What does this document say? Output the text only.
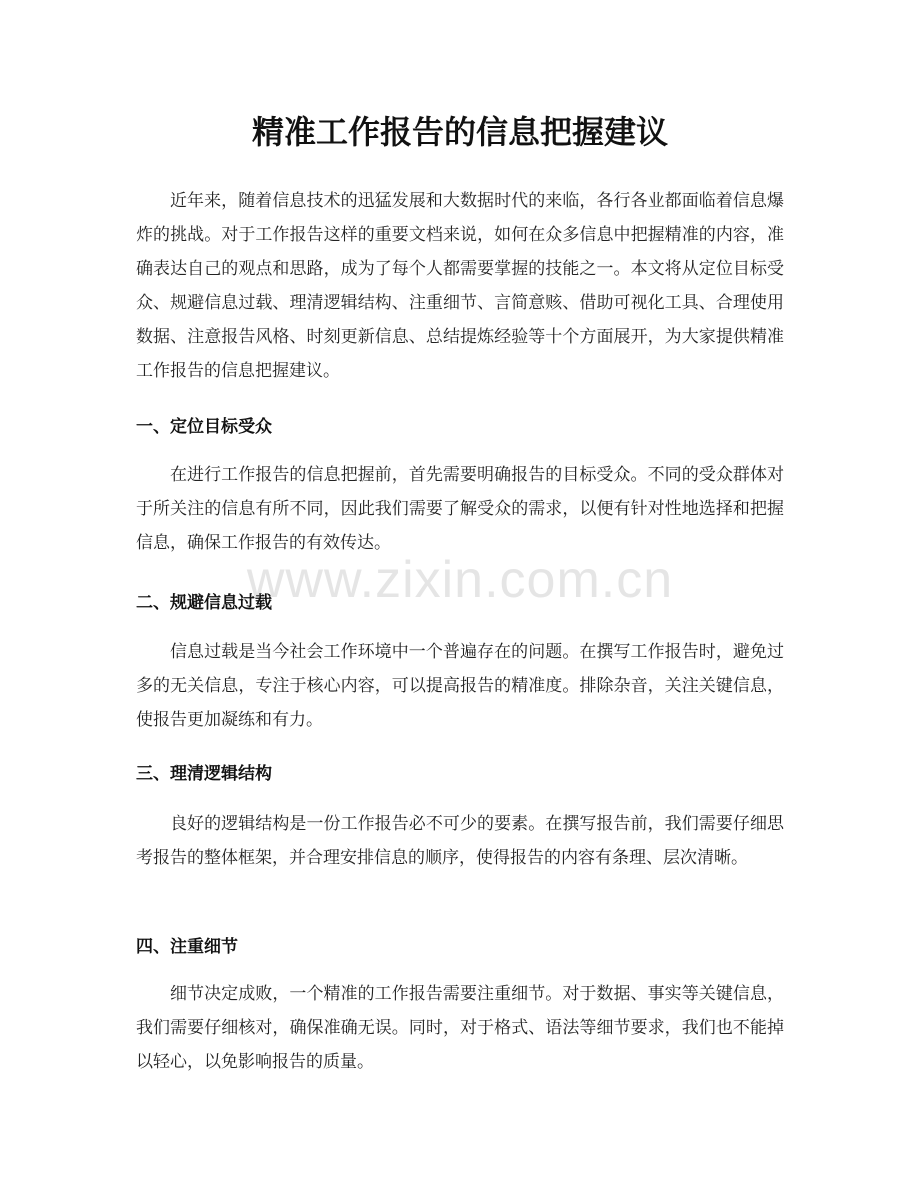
精准工作报告的信息把握建议

近年来，随着信息技术的迅猛发展和大数据时代的来临，各行各业都面临着信息爆炸的挑战。对于工作报告这样的重要文档来说，如何在众多信息中把握精准的内容，准确表达自己的观点和思路，成为了每个人都需要掌握的技能之一。本文将从定位目标受众、规避信息过载、理清逻辑结构、注重细节、言简意赅、借助可视化工具、合理使用数据、注意报告风格、时刻更新信息、总结提炼经验等十个方面展开，为大家提供精准工作报告的信息把握建议。

一、定位目标受众

在进行工作报告的信息把握前，首先需要明确报告的目标受众。不同的受众群体对于所关注的信息有所不同，因此我们需要了解受众的需求，以便有针对性地选择和把握信息，确保工作报告的有效传达。

二、规避信息过载

信息过载是当今社会工作环境中一个普遍存在的问题。在撰写工作报告时，避免过多的无关信息，专注于核心内容，可以提高报告的精准度。排除杂音，关注关键信息，使报告更加凝练和有力。

三、理清逻辑结构

良好的逻辑结构是一份工作报告必不可少的要素。在撰写报告前，我们需要仔细思考报告的整体框架，并合理安排信息的顺序，使得报告的内容有条理、层次清晰。

四、注重细节

细节决定成败，一个精准的工作报告需要注重细节。对于数据、事实等关键信息，我们需要仔细核对，确保准确无误。同时，对于格式、语法等细节要求，我们也不能掉以轻心，以免影响报告的质量。

www.zixin.com.cn
